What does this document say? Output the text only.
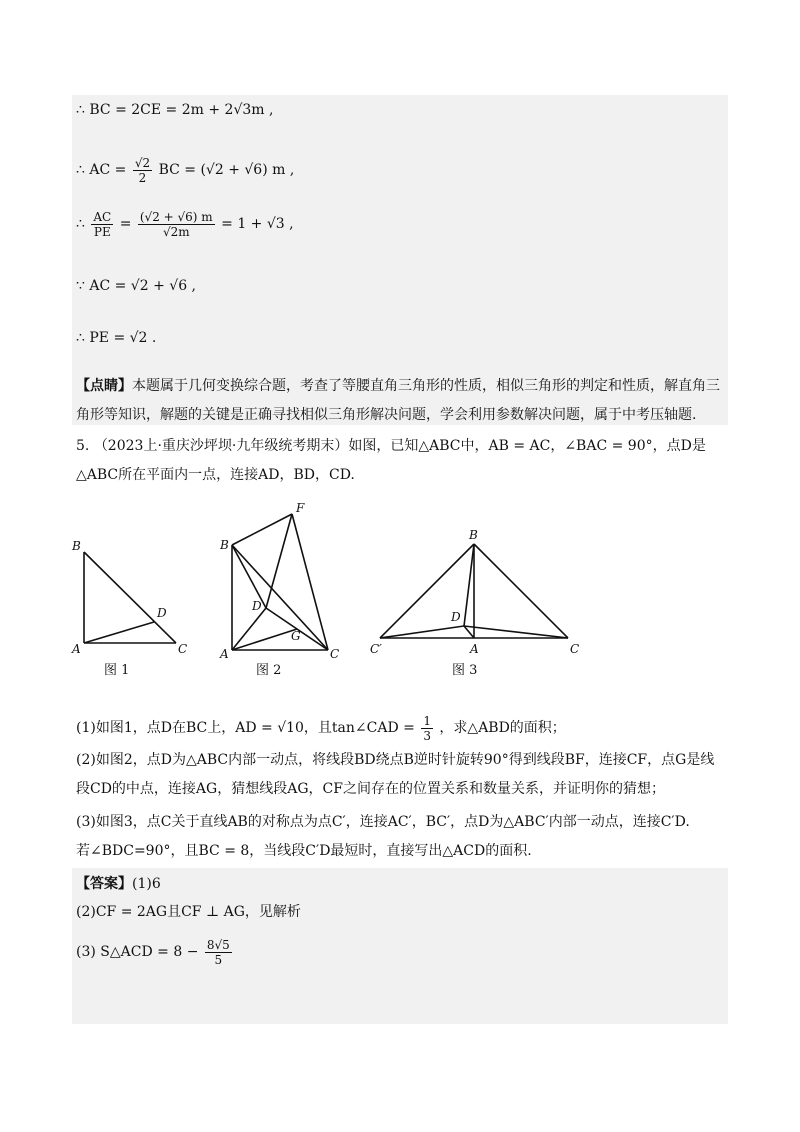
∴ BC = 2CE = 2m + 2√3m ,
∴ AC = $\frac{√2}{2}$ BC = (√2 + √6) m ,
∴ $\frac{AC}{PE} = \frac{(√2 + √6) m}{√2m} = 1 + √3$ ,
∵ AC = √2 + √6 ,
∴ PE = √2 .
【点睛】本题属于几何变换综合题，考查了等腰直角三角形的性质，相似三角形的判定和性质，解直角三
角形等知识，解题的关键是正确寻找相似三角形解决问题，学会利用参数解决问题，属于中考压轴题.
5. （2023上·重庆沙坪坝·九年级统考期末）如图，已知△ABC中，AB = AC，∠BAC = 90°，点D是
△ABC所在平面内一点，连接AD，BD，CD.
B
D
A	C
F
B
D
G
A	C
B
D
C′	A	C
图 1	图 2	图 3
(1)如图1，点D在BC上，AD = √10，且tan∠CAD = $\frac{1}{3}$ ，求△ABD的面积；
(2)如图2，点D为△ABC内部一动点，将线段BD绕点B逆时针旋转90°得到线段BF，连接CF，点G是线
段CD的中点，连接AG，猜想线段AG，CF之间存在的位置关系和数量关系，并证明你的猜想；
(3)如图3，点C关于直线AB的对称点为点C′，连接AC′，BC′，点D为△ABC′内部一动点，连接C′D.
若∠BDC=90°，且BC = 8，当线段C′D最短时，直接写出△ACD的面积.
【答案】(1)6
(2)CF = 2AG且CF ⊥ AG，见解析
(3) S△ACD = $8 - \frac{8√5}{5}$
